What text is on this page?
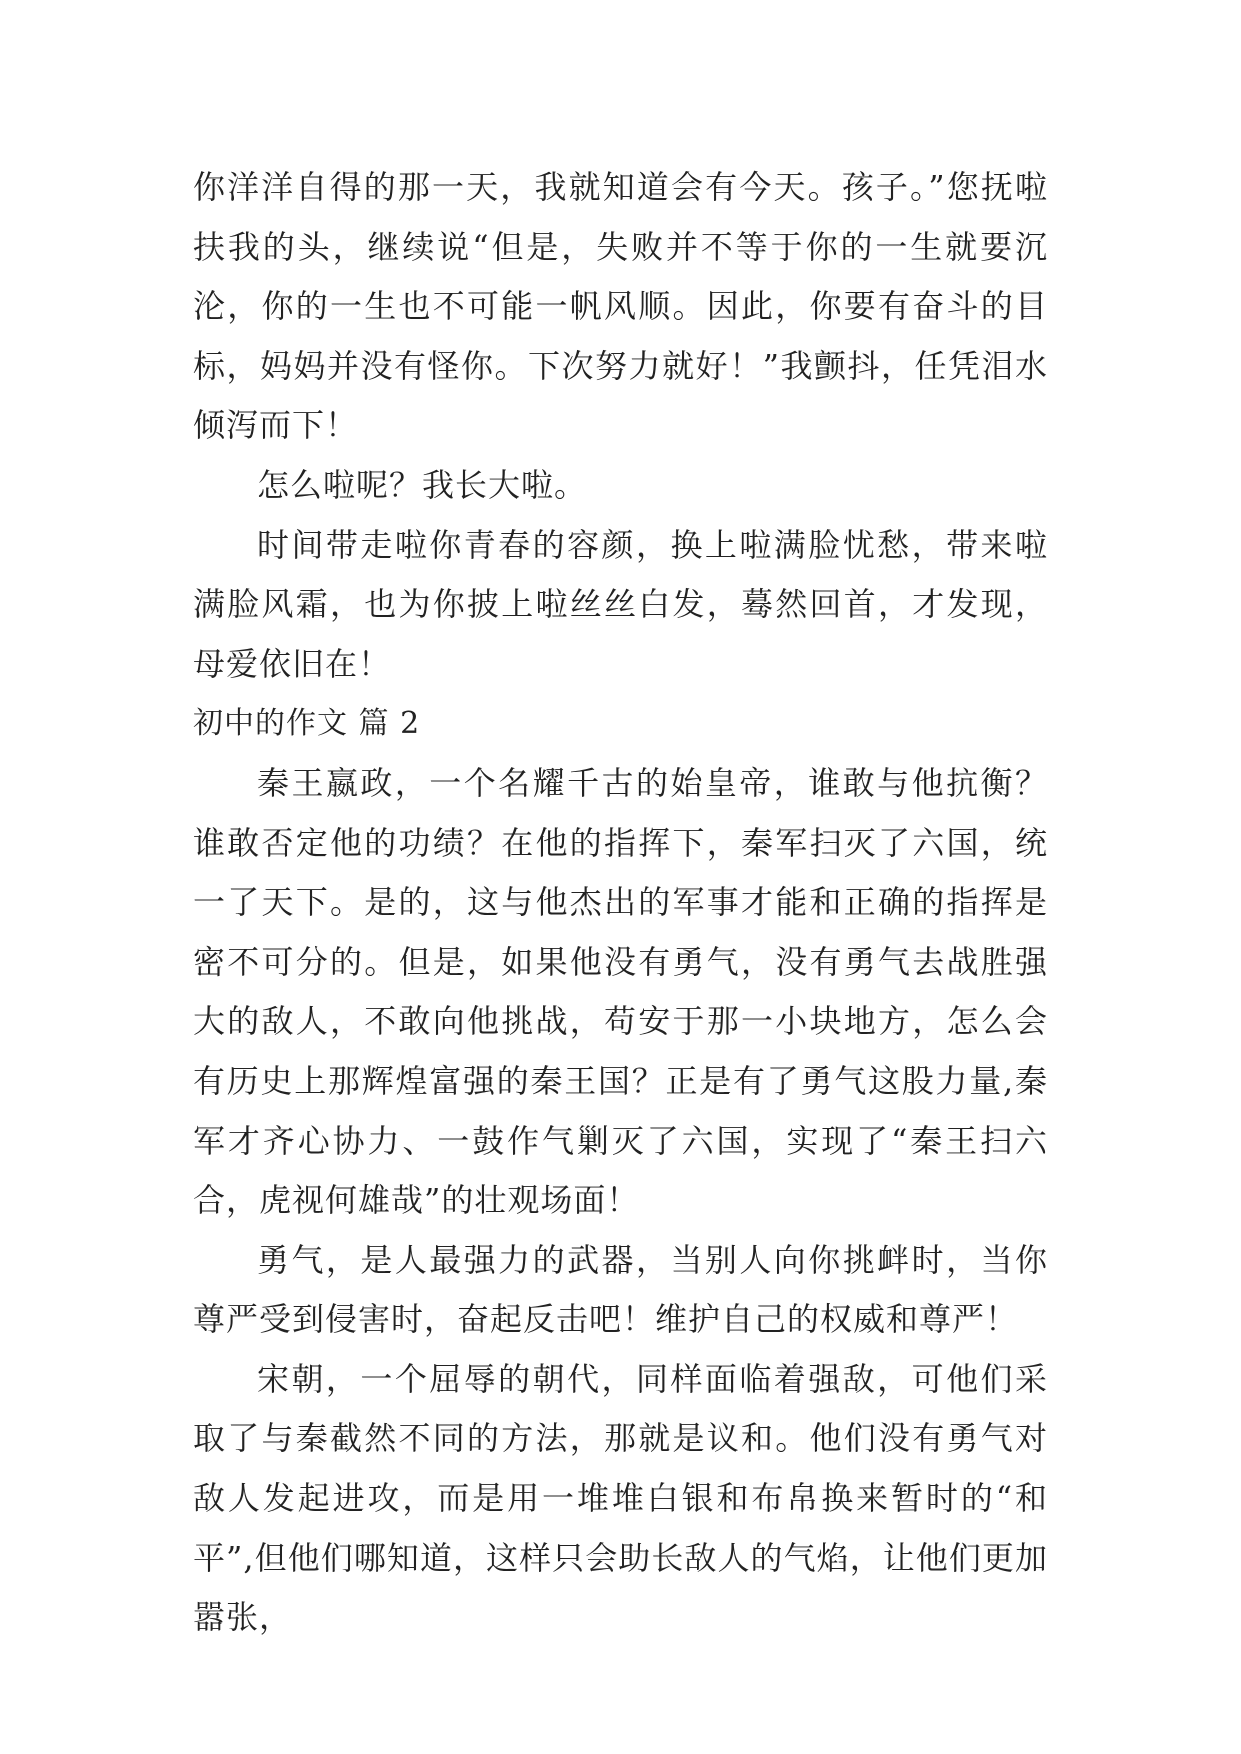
你洋洋自得的那一天，我就知道会有今天。孩子。”您抚啦扶我的头，继续说“但是，失败并不等于你的一生就要沉沦，你的一生也不可能一帆风顺。因此，你要有奋斗的目标，妈妈并没有怪你。下次努力就好！”我颤抖，任凭泪水倾泻而下！

怎么啦呢？我长大啦。

时间带走啦你青春的容颜，换上啦满脸忧愁，带来啦满脸风霜，也为你披上啦丝丝白发，蓦然回首，才发现，母爱依旧在！

初中的作文 篇 2

秦王嬴政，一个名耀千古的始皇帝，谁敢与他抗衡？谁敢否定他的功绩？在他的指挥下，秦军扫灭了六国，统一了天下。是的，这与他杰出的军事才能和正确的指挥是密不可分的。但是，如果他没有勇气，没有勇气去战胜强大的敌人，不敢向他挑战，苟安于那一小块地方，怎么会有历史上那辉煌富强的秦王国？正是有了勇气这股力量,秦军才齐心协力、一鼓作气剿灭了六国，实现了“秦王扫六合，虎视何雄哉”的壮观场面！

勇气，是人最强力的武器，当别人向你挑衅时，当你尊严受到侵害时，奋起反击吧！维护自己的权威和尊严！

宋朝，一个屈辱的朝代，同样面临着强敌，可他们采取了与秦截然不同的方法，那就是议和。他们没有勇气对敌人发起进攻，而是用一堆堆白银和布帛换来暂时的“和平”,但他们哪知道，这样只会助长敌人的气焰，让他们更加嚣张，
